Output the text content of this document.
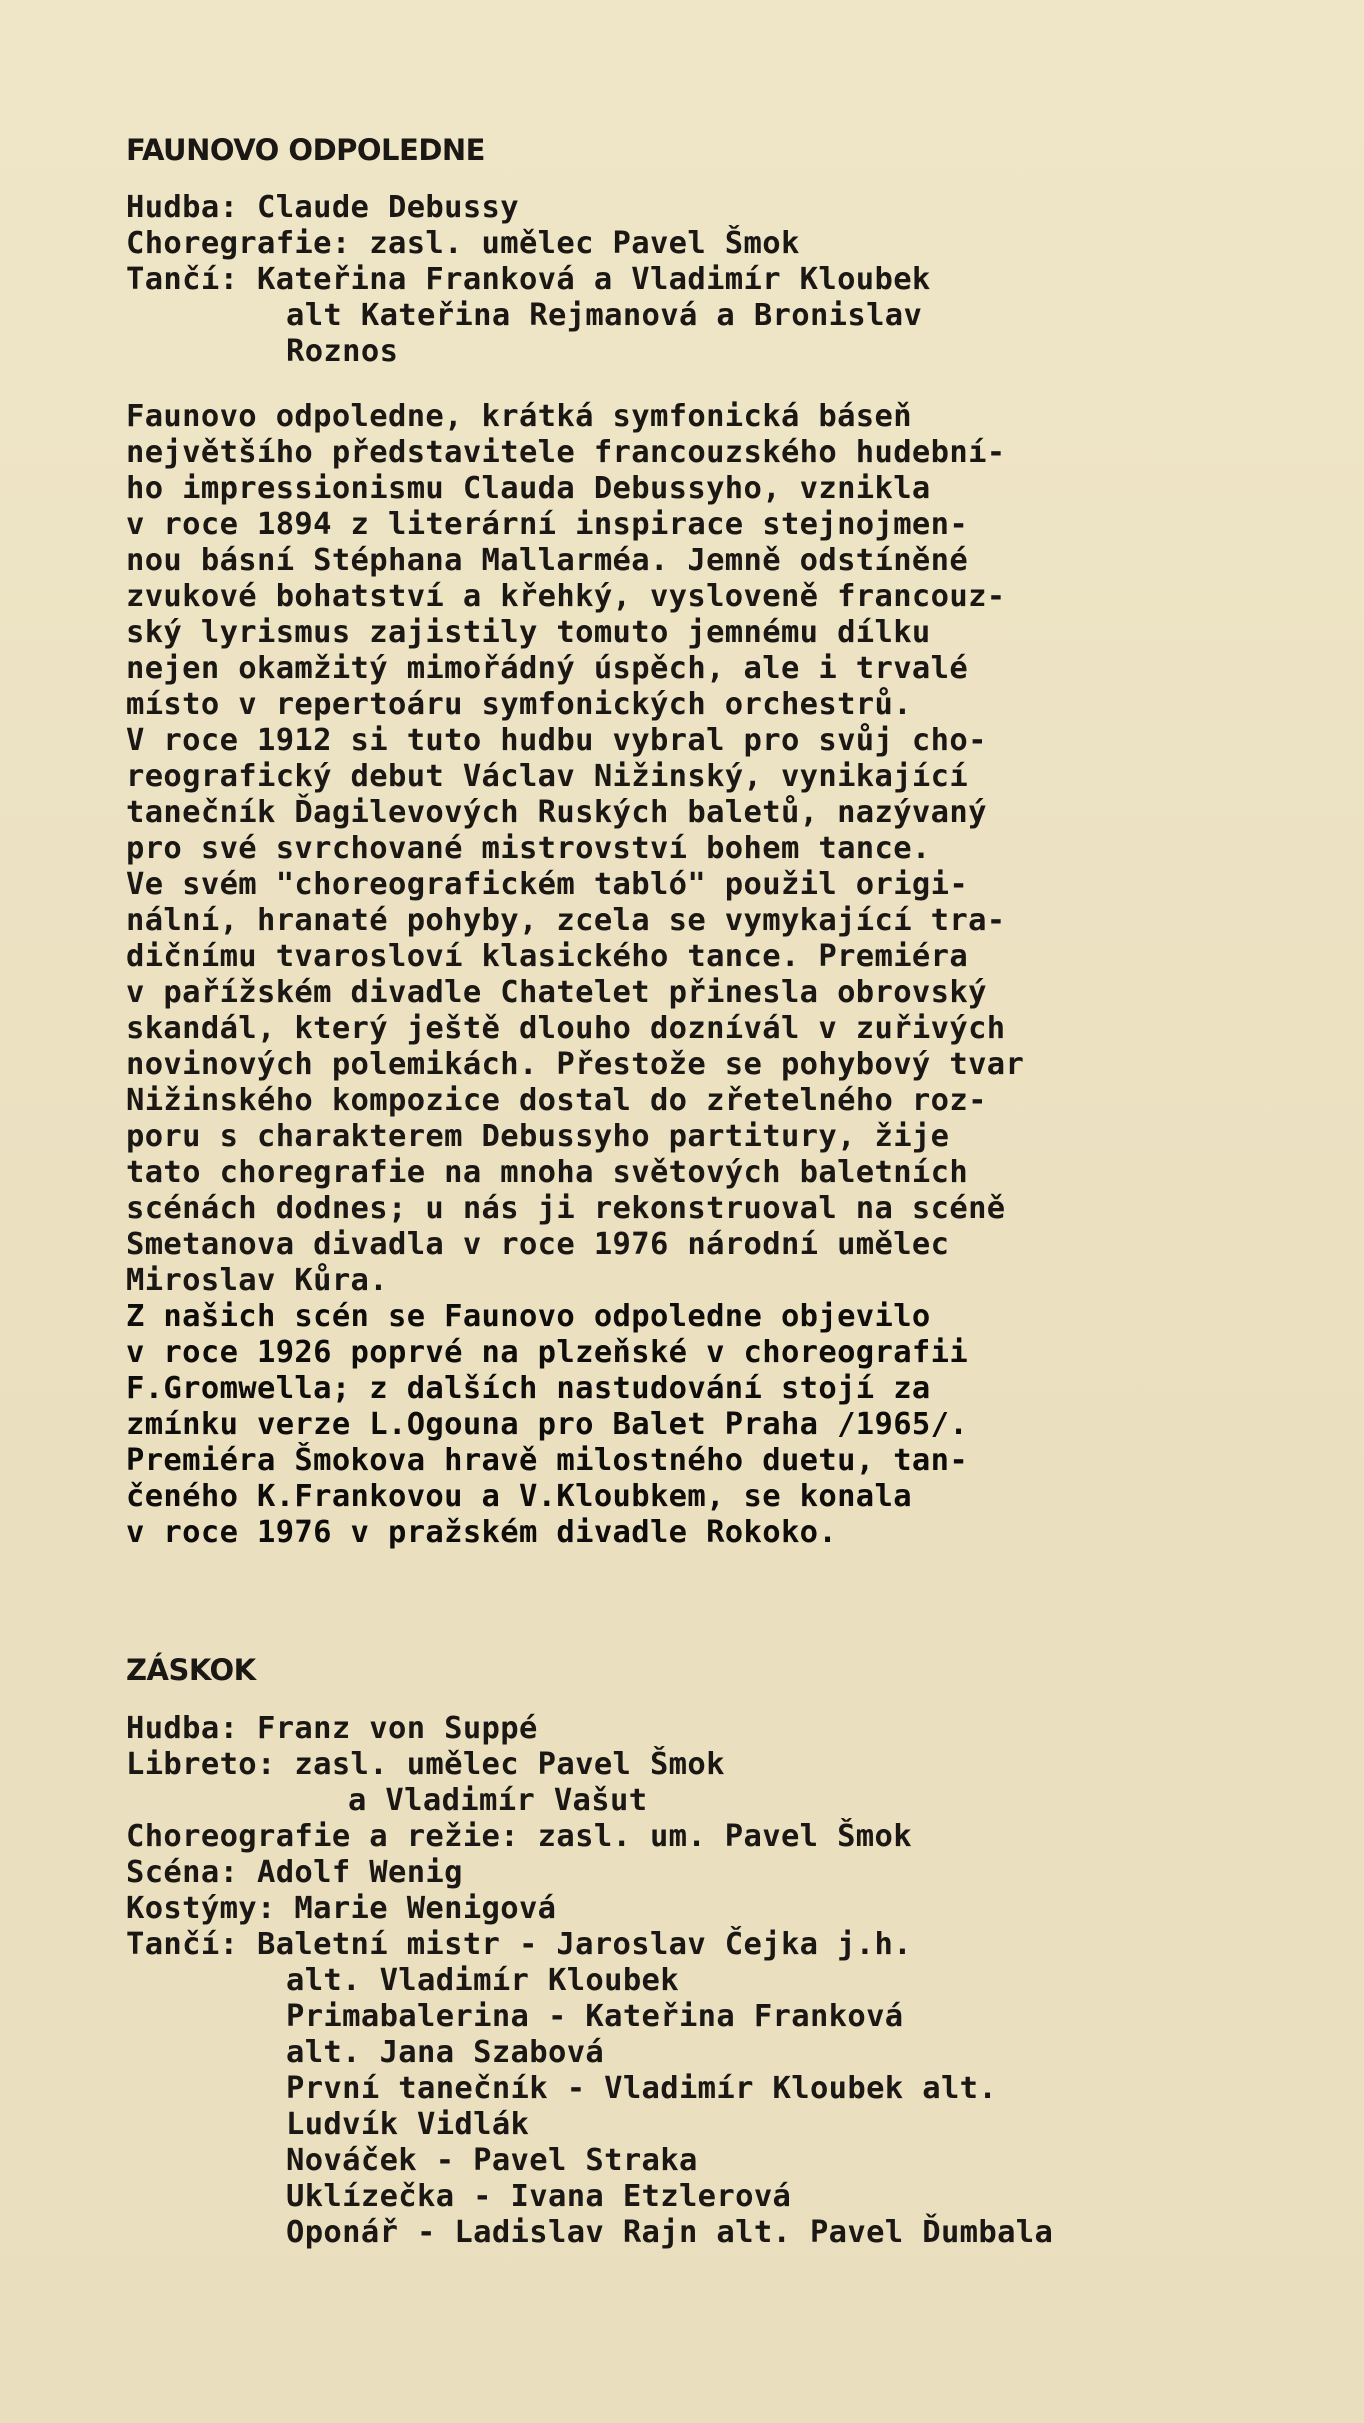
FAUNOVO ODPOLEDNE
Hudba: Claude Debussy
Choregrafie: zasl. umělec Pavel Šmok
Tančí: Kateřina Franková a Vladimír Kloubek
alt Kateřina Rejmanová a Bronislav
Roznos
Faunovo odpoledne, krátká symfonická báseň
největšího představitele francouzského hudební-
ho impressionismu Clauda Debussyho, vznikla
v roce 1894 z literární inspirace stejnojmen-
nou básní Stéphana Mallarméa. Jemně odstíněné
zvukové bohatství a křehký, vysloveně francouz-
ský lyrismus zajistily tomuto jemnému dílku
nejen okamžitý mimořádný úspěch, ale i trvalé
místo v repertoáru symfonických orchestrů.
V roce 1912 si tuto hudbu vybral pro svůj cho-
reografický debut Václav Nižinský, vynikající
tanečník Ďagilevových Ruských baletů, nazývaný
pro své svrchované mistrovství bohem tance.
Ve svém "choreografickém tabló" použil origi-
nální, hranaté pohyby, zcela se vymykající tra-
dičnímu tvarosloví klasického tance. Premiéra
v pařížském divadle Chatelet přinesla obrovský
skandál, který ještě dlouho doznívál v zuřivých
novinových polemikách. Přestože se pohybový tvar
Nižinského kompozice dostal do zřetelného roz-
poru s charakterem Debussyho partitury, žije
tato choregrafie na mnoha světových baletních
scénách dodnes; u nás ji rekonstruoval na scéně
Smetanova divadla v roce 1976 národní umělec
Miroslav Kůra.
Z našich scén se Faunovo odpoledne objevilo
v roce 1926 poprvé na plzeňské v choreografii
F.Gromwella; z dalších nastudování stojí za
zmínku verze L.Ogouna pro Balet Praha /1965/.
Premiéra Šmokova hravě milostného duetu, tan-
čeného K.Frankovou a V.Kloubkem, se konala
v roce 1976 v pražském divadle Rokoko.
ZÁSKOK
Hudba: Franz von Suppé
Libreto: zasl. umělec Pavel Šmok
a Vladimír Vašut
Choreografie a režie: zasl. um. Pavel Šmok
Scéna: Adolf Wenig
Kostýmy: Marie Wenigová
Tančí: Baletní mistr - Jaroslav Čejka j.h.
alt. Vladimír Kloubek
Primabalerina - Kateřina Franková
alt. Jana Szabová
První tanečník - Vladimír Kloubek alt.
Ludvík Vidlák
Nováček - Pavel Straka
Uklízečka - Ivana Etzlerová
Oponář - Ladislav Rajn alt. Pavel Ďumbala
